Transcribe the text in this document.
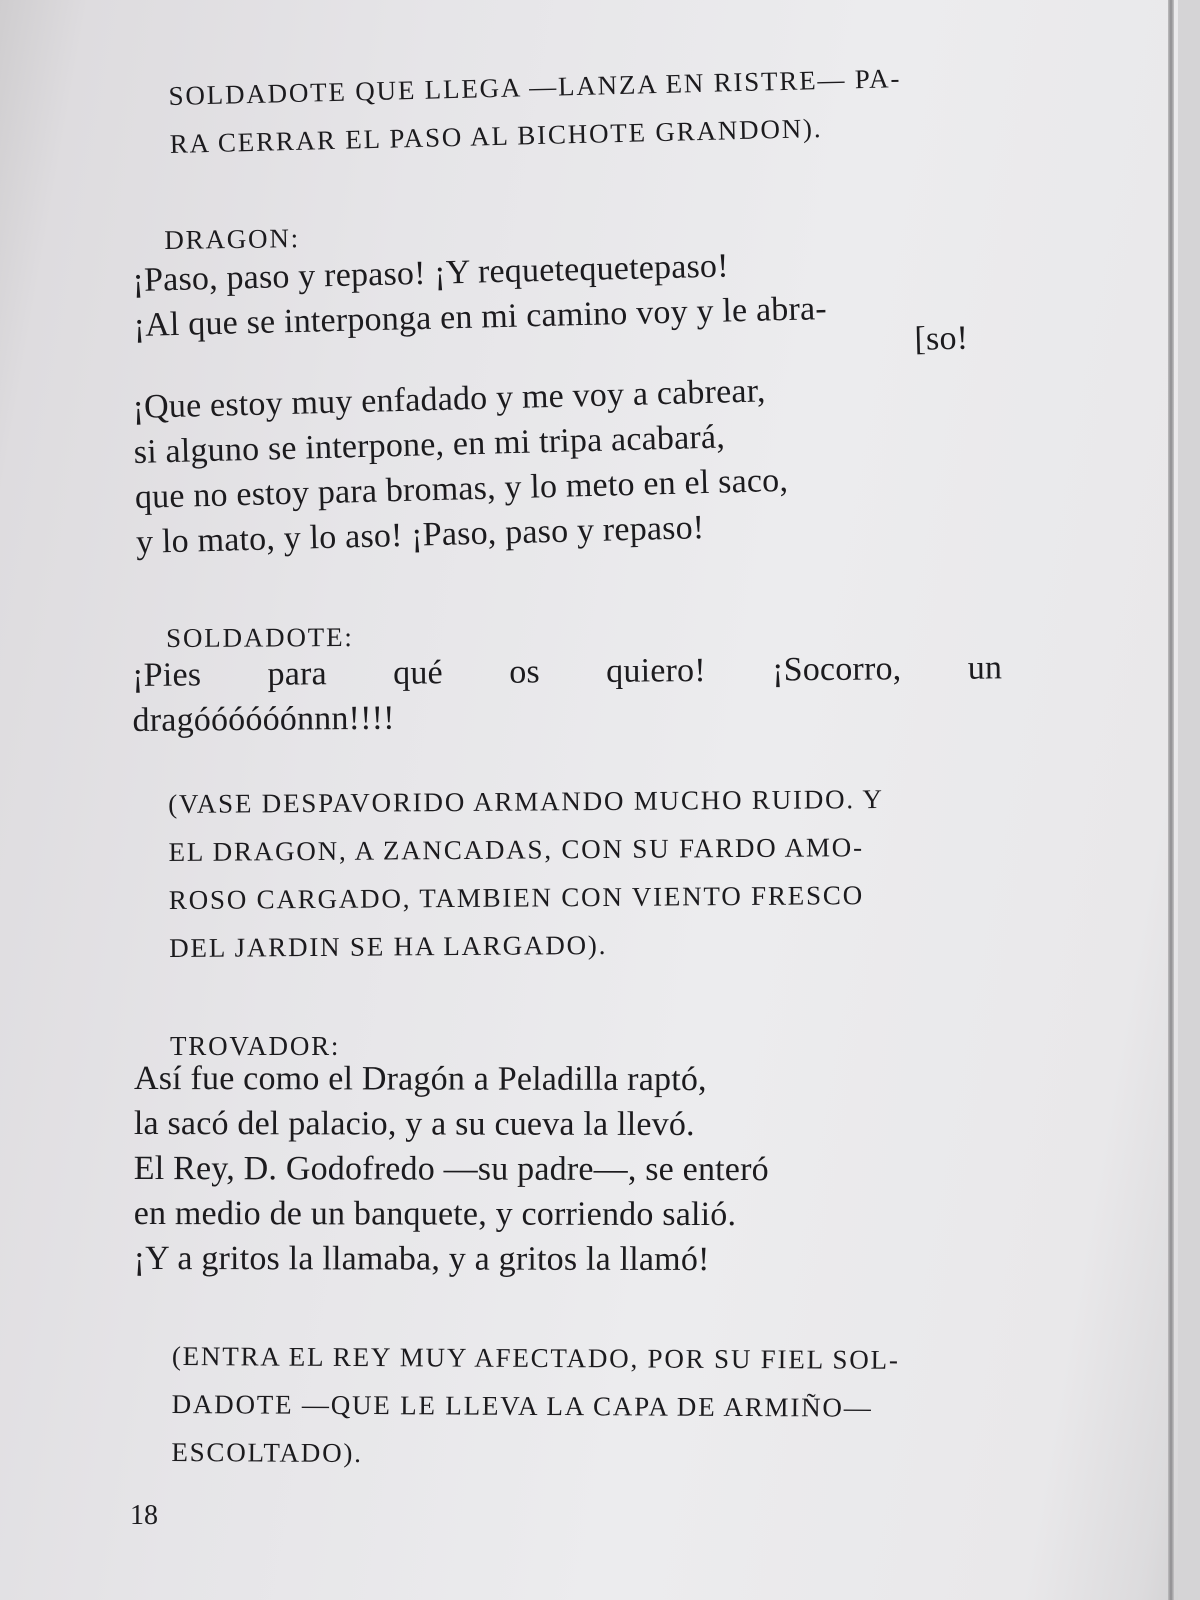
SOLDADOTE QUE LLEGA —LANZA EN RISTRE— PA-

RA CERRAR EL PASO AL BICHOTE GRANDON).

DRAGON:

¡Paso, paso y repaso! ¡Y requetequetepaso!

¡Al que se interponga en mi camino voy y le abra-	[so!

¡Que estoy muy enfadado y me voy a cabrear,

si alguno se interpone, en mi tripa acabará,

que no estoy para bromas, y lo meto en el saco,

y lo mato, y lo aso! ¡Paso, paso y repaso!

SOLDADOTE:

¡Pies para qué os quiero! ¡Socorro, un

dragóóóóóónnn!!!!

(VASE DESPAVORIDO ARMANDO MUCHO RUIDO. Y

EL DRAGON, A ZANCADAS, CON SU FARDO AMO-

ROSO CARGADO, TAMBIEN CON VIENTO FRESCO

DEL JARDIN SE HA LARGADO).

TROVADOR:

Así fue como el Dragón a Peladilla raptó,

la sacó del palacio, y a su cueva la llevó.

El Rey, D. Godofredo —su padre—, se enteró

en medio de un banquete, y corriendo salió.

¡Y a gritos la llamaba, y a gritos la llamó!

(ENTRA EL REY MUY AFECTADO, POR SU FIEL SOL-

DADOTE —QUE LE LLEVA LA CAPA DE ARMIÑO—

ESCOLTADO).

18
